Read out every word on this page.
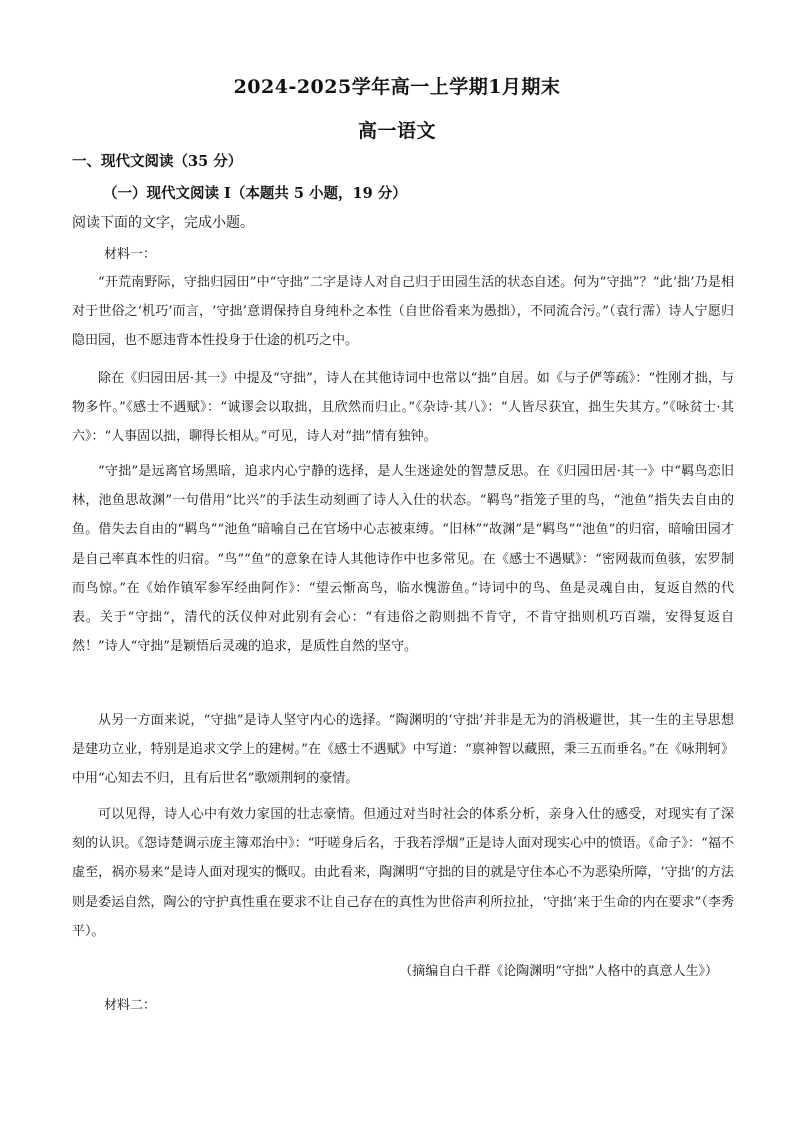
2024-2025学年高一上学期1月期末
高一语文
一、现代文阅读（35 分）
（一）现代文阅读 I（本题共 5 小题，19 分）
阅读下面的文字，完成小题。
材料一：

“开荒南野际，守拙归园田”中“守拙”二字是诗人对自己归于田园生活的状态自述。何为“守拙”？“此‘拙’乃是相对于世俗之‘机巧’而言，‘守拙’意谓保持自身纯朴之本性（自世俗看来为愚拙），不同流合污。”（袁行霈）诗人宁愿归隐田园，也不愿违背本性投身于仕途的机巧之中。

除在《归园田居·其一》中提及“守拙”，诗人在其他诗词中也常以“拙”自居。如《与子俨等疏》：“性刚才拙，与物多忤。”《感士不遇赋》：“诚谬会以取拙，且欣然而归止。”《杂诗·其八》：“人皆尽获宜，拙生失其方。”《咏贫士·其六》：“人事固以拙，聊得长相从。”可见，诗人对“拙”情有独钟。

“守拙”是远离官场黑暗，追求内心宁静的选择，是人生迷途处的智慧反思。在《归园田居·其一》中“羁鸟恋旧林，池鱼思故渊”一句借用“比兴”的手法生动刻画了诗人入仕的状态。“羁鸟”指笼子里的鸟，“池鱼”指失去自由的鱼。借失去自由的“羁鸟”“池鱼”暗喻自己在官场中心志被束缚。“旧林”“故渊”是“羁鸟”“池鱼”的归宿，暗喻田园才是自己率真本性的归宿。“鸟”“鱼”的意象在诗人其他诗作中也多常见。在《感士不遇赋》：“密网裁而鱼骇，宏罗制而鸟惊。”在《始作镇军参军经曲阿作》：“望云惭高鸟，临水愧游鱼。”诗词中的鸟、鱼是灵魂自由，复返自然的代表。关于“守拙”，清代的沃仪仲对此别有会心：“有违俗之韵则拙不肯守，不肯守拙则机巧百端，安得复返自然！”诗人“守拙”是颖悟后灵魂的追求，是质性自然的坚守。

从另一方面来说，“守拙”是诗人坚守内心的选择。“陶渊明的‘守拙’并非是无为的消极避世，其一生的主导思想是建功立业，特别是追求文学上的建树。”在《感士不遇赋》中写道：“禀神智以藏照，秉三五而垂名。”在《咏荆轲》中用“心知去不归，且有后世名”歌颂荆轲的豪情。

可以见得，诗人心中有效力家国的壮志豪情。但通过对当时社会的体系分析，亲身入仕的感受，对现实有了深刻的认识。《怨诗楚调示庞主簿邓治中》：“吁嗟身后名，于我若浮烟”正是诗人面对现实心中的愤语。《命子》：“福不虚至，祸亦易来”是诗人面对现实的慨叹。由此看来，陶渊明“守拙的目的就是守住本心不为恶染所障，‘守拙’的方法则是委运自然，陶公的守护真性重在要求不让自己存在的真性为世俗声利所拉扯，‘守拙’来于生命的内在要求”（李秀平）。

（摘编自白千群《论陶渊明“守拙”人格中的真意人生》）
材料二：
